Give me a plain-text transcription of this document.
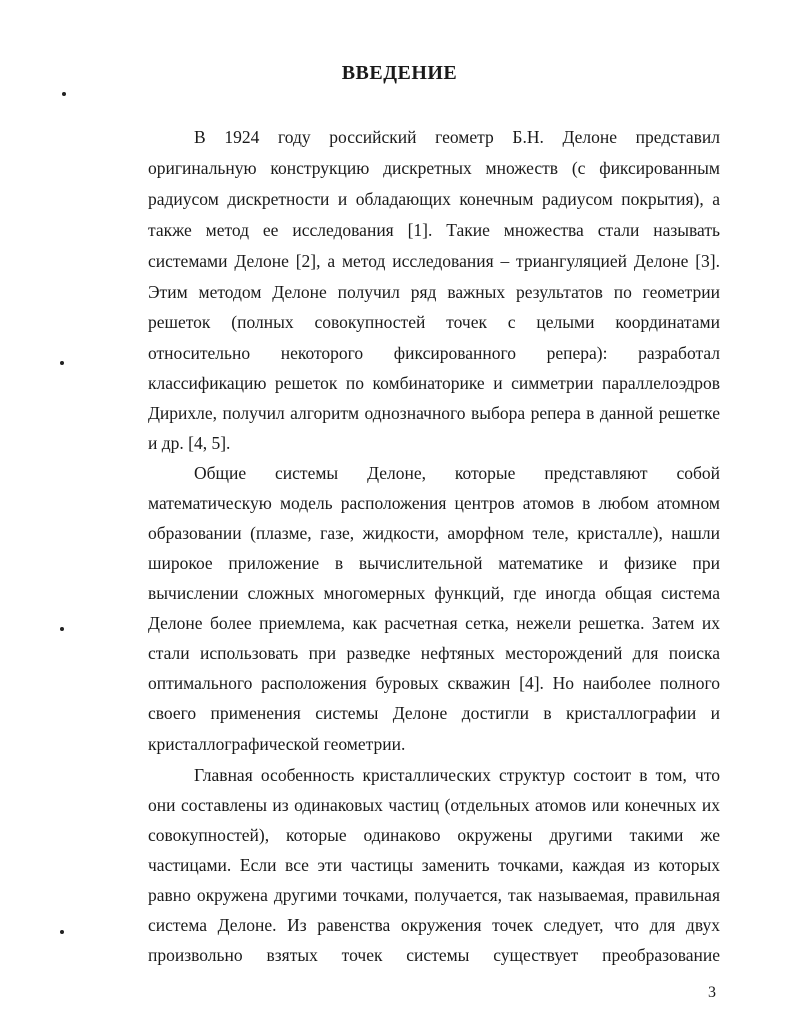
ВВЕДЕНИЕ
В 1924 году российский геометр Б.Н. Делоне представил
оригинальную конструкцию дискретных множеств (с фиксированным
радиусом дискретности и обладающих конечным радиусом покрытия), а
также метод ее исследования [1]. Такие множества стали называть
системами Делоне [2], а метод исследования – триангуляцией Делоне [3].
Этим методом Делоне получил ряд важных результатов по геометрии
решеток (полных совокупностей точек с целыми координатами
относительно некоторого фиксированного репера): разработал
классификацию решеток по комбинаторике и симметрии параллелоэдров
Дирихле, получил алгоритм однозначного выбора репера в данной решетке
и др. [4, 5].
Общие системы Делоне, которые представляют собой
математическую модель расположения центров атомов в любом атомном
образовании (плазме, газе, жидкости, аморфном теле, кристалле), нашли
широкое приложение в вычислительной математике и физике при
вычислении сложных многомерных функций, где иногда общая система
Делоне более приемлема, как расчетная сетка, нежели решетка. Затем их
стали использовать при разведке нефтяных месторождений для поиска
оптимального расположения буровых скважин [4]. Но наиболее полного
своего применения системы Делоне достигли в кристаллографии и
кристаллографической геометрии.
Главная особенность кристаллических структур состоит в том, что
они составлены из одинаковых частиц (отдельных атомов или конечных их
совокупностей), которые одинаково окружены другими такими же
частицами. Если все эти частицы заменить точками, каждая из которых
равно окружена другими точками, получается, так называемая, правильная
система Делоне. Из равенства окружения точек следует, что для двух
произвольно взятых точек системы существует преобразование
3
